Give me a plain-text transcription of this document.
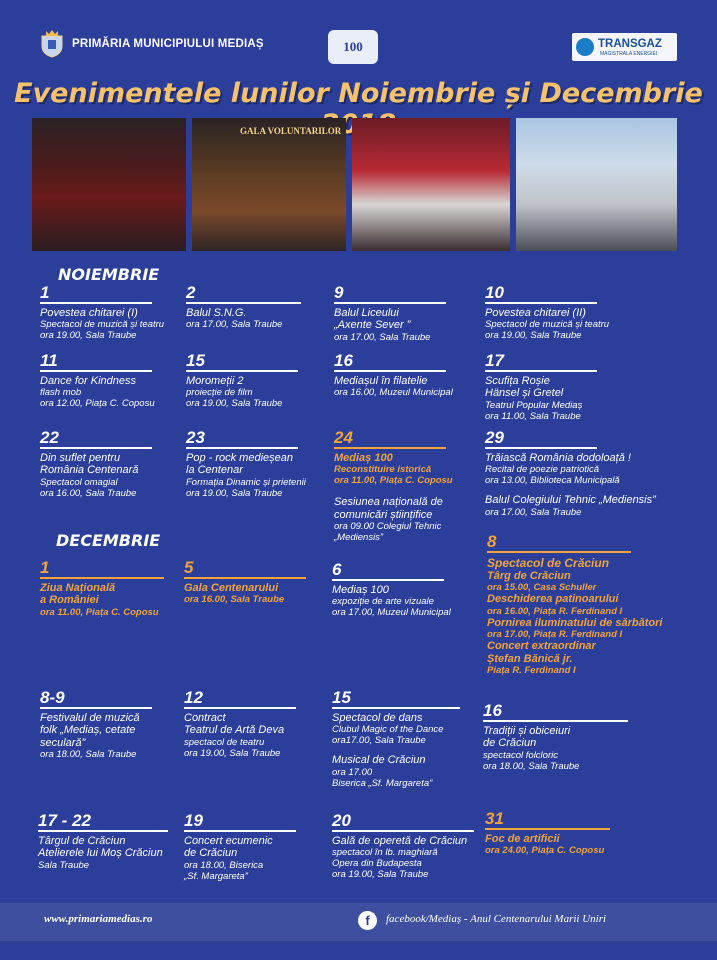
PRIMĂRIA MUNICIPIULUI MEDIAȘ	100	TRANSGAZ
MAGISTRALA ENERGIEI
Evenimentele lunilor Noiembrie și Decembrie
GALA VOLUNTARILOR
NOIEMBRIE
DECEMBRIE
1
Povestea chitarei (I)
Spectacol de muzică și teatru
ora 19.00, Sala Traube
2
Balul S.N.G.
ora 17.00, Sala Traube
9
Balul Liceului
„Axente Sever ”
ora 17.00, Sala Traube
10
Povestea chitarei (II)
Spectacol de muzică și teatru
ora 19.00, Sala Traube
11
Dance for Kindness
flash mob
ora 12.00, Piața C. Coposu
15
Moromeții 2
proiecție de film
ora 19.00, Sala Traube
16
Mediașul în filatelie
ora 16.00, Muzeul Municipal
17
Scufița Roșie
Hänsel și Gretel
Teatrul Popular Mediaș
ora 11.00, Sala Traube
22
Din suflet pentru
România Centenară
Spectacol omagial
ora 16.00, Sala Traube
23
Pop - rock medieșean
la Centenar
Formația Dinamic și prietenii
ora 19.00, Sala Traube
24
Mediaș 100
Reconstituire istorică
ora 11.00, Piața C. Coposu
Sesiunea națională de
comunicări științifice
ora 09.00 Colegiul Tehnic
„Mediensis”
29
Trăiască România dodoloață !
Recital de poezie patriotică
ora 13.00, Biblioteca Municipală
Balul Colegiului Tehnic „Mediensis”
ora 17.00, Sala Traube
1
Ziua Națională
a României
ora 11.00, Piața C. Coposu
5
Gala Centenarului
ora 16.00, Sala Traube
6
Mediaș 100
expoziție de arte vizuale
ora 17.00, Muzeul Municipal
8
Spectacol de Crăciun
Târg de Crăciun
ora 15.00, Casa Schuller
Deschiderea patinoarului
ora 16.00, Piața R. Ferdinand I
Pornirea iluminatului de sărbători
ora 17.00, Piața R. Ferdinand I
Concert extraordinar
Ștefan Bănică jr.
Piața R. Ferdinand I
8-9
Festivalul de muzică
folk „Mediaș, cetate
seculară”
ora 18.00, Sala Traube
12
Contract
Teatrul de Artă Deva
spectacol de teatru
ora 19.00, Sala Traube
15
Spectacol de dans
Clubul Magic of the Dance
ora17.00, Sala Traube
Musical de Crăciun
ora 17.00
Biserica „Sf. Margareta”
16
Tradiții și obiceiuri
de Crăciun
spectacol folcloric
ora 18.00, Sala Traube
17 - 22
Târgul de Crăciun
Atelierele lui Moș Crăciun
Sala Traube
19
Concert ecumenic
de Crăciun
ora 18.00, Biserica
„Sf. Margareta”
20
Gală de operetă de Crăciun
spectacol în lb. maghiară
Opera din Budapesta
ora 19.00, Sala Traube
31
Foc de artificii
ora 24.00, Piața C. Coposu
www.primariamedias.ro	f	facebook/Mediaș - Anul Centenarului Marii Uniri
